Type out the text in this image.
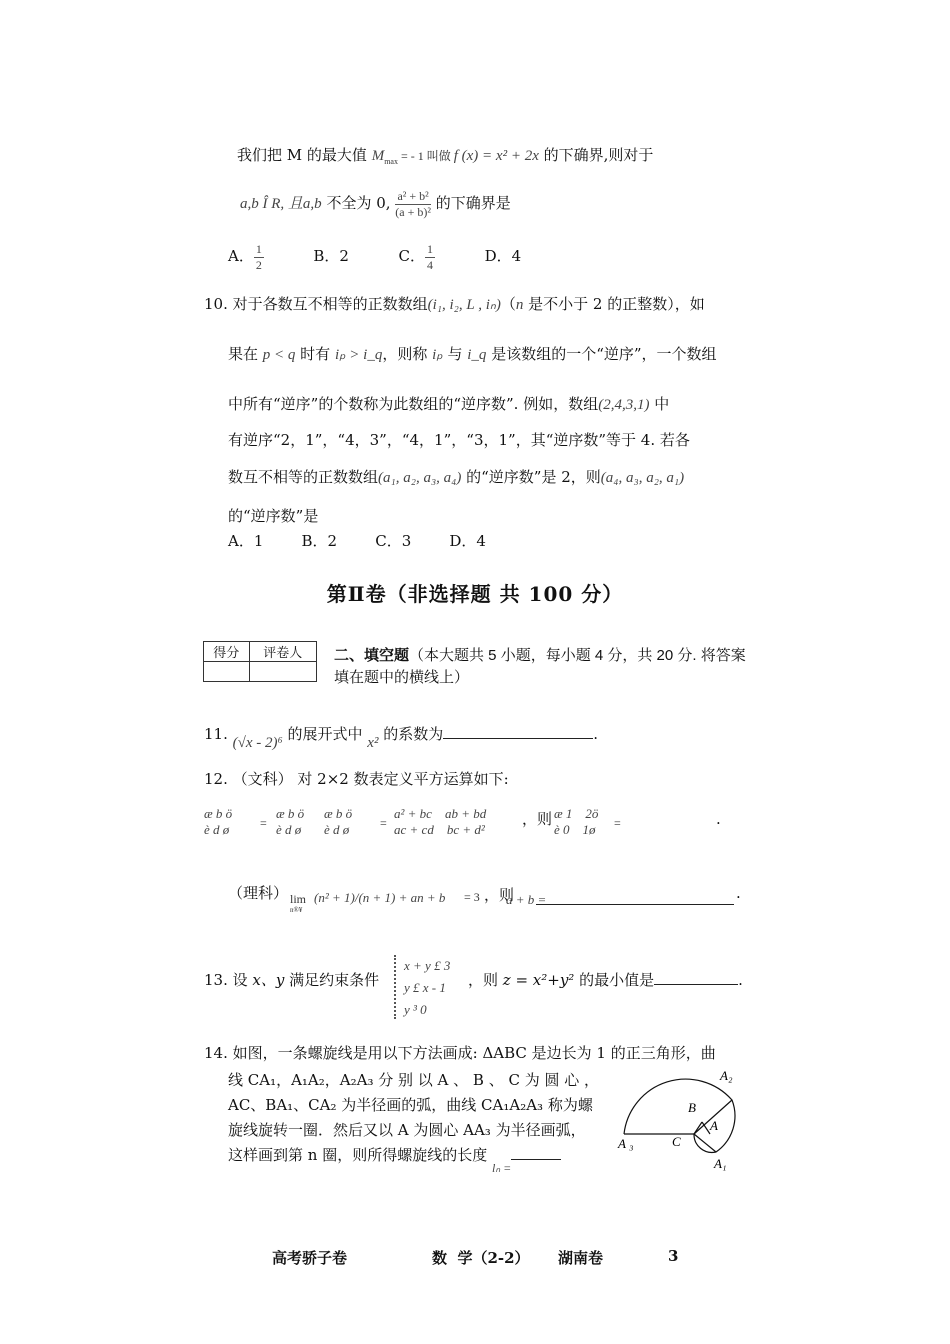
我们把 M 的最大值 $M_{max}$ = - 1 叫做 f (x) = x² + 2x 的下确界,则对于
a,b Î R, 且a,b 不全为 0, $\frac{\text{a² + b²}}{\text{(a + b)²}}$ 的下确界是
A． $\frac{1}{2}$	B．2	C． $\frac{1}{4}$	D．4
10. 对于各数互不相等的正数数组(i₁, i₂, L , iₙ)（n 是不小于 2 的正整数），如
果在 p < q 时有 iₚ > i_q，则称 iₚ 与 i_q 是该数组的一个“逆序”，一个数组
中所有“逆序”的个数称为此数组的“逆序数”. 例如，数组(2,4,3,1) 中
有逆序“2，1”，“4，3”，“4，1”，“3，1”，其“逆序数”等于 4. 若各
数互不相等的正数数组(a₁, a₂, a₃, a₄) 的“逆序数”是 2，则(a₄, a₃, a₂, a₁)
的“逆序数”是
A．1        B．2        C．3        D．4
第Ⅱ卷（非选择题 共 100 分）
得分	评卷人
	二、填空题（本大题共 5 小题，每小题 4 分，共 20 分. 将答案填在题中的横线上）
11. (√x - 2)⁶ 的展开式中 x² 的系数为	.
12. （文科） 对 2×2 数表定义平方运算如下:
æ b ö
è d ø	=
æ b ö
è d ø
æ b ö
è d ø	=
a² + bc    ab + bd
ac + cd    bc + d²
，则 æ 1    2ö
è 0    1ø =	.
（理科） lim
n®¥
(n² + 1)/(n + 1) + an + b = 3 ，则
a + b =	.
13. 设 x、y 满足约束条件
x + y £ 3
y £ x - 1
y ³ 0
，则 z = x²+y² 的最小值是	.
14. 如图，一条螺旋线是用以下方法画成: ΔABC 是边长为 1 的正三角形，曲
线 CA₁，A₁A₂，A₂A₃ 分 别 以 A 、 B 、 C 为 圆 心 ，
AC、BA₁、CA₂ 为半径画的弧，曲线 CA₁A₂A₃ 称为螺
旋线旋转一圈．然后又以 A 为圆心 AA₃ 为半径画弧，
这样画到第 n 圈，则所得螺旋线的长度 $_{l_n =}$
A₂
B
A
C
A ₃
A₁
高考骄子卷	数  学（2-2） 湖南卷	3
